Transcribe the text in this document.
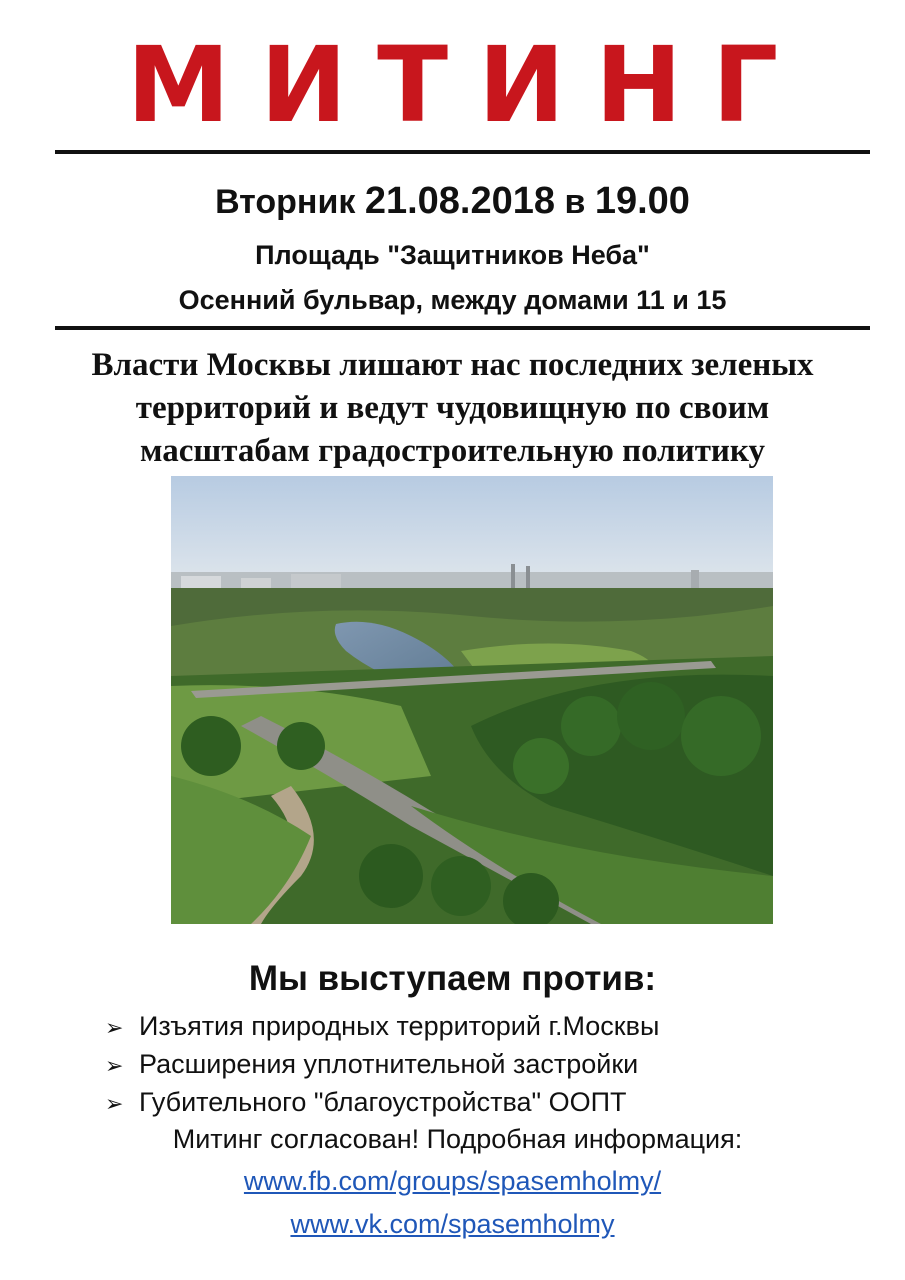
МИТИНГ
Вторник 21.08.2018 в 19.00
Площадь "Защитников Неба"
Осенний бульвар, между домами 11 и 15
Власти Москвы лишают нас последних зеленых
территорий и ведут чудовищную по своим
масштабам градостроительную политику
Мы выступаем против:
➢ Изъятия природных территорий г.Москвы
➢ Расширения уплотнительной застройки
➢ Губительного "благоустройства" ООПТ
Митинг согласован! Подробная информация:
www.fb.com/groups/spasemholmy/
www.vk.com/spasemholmy
